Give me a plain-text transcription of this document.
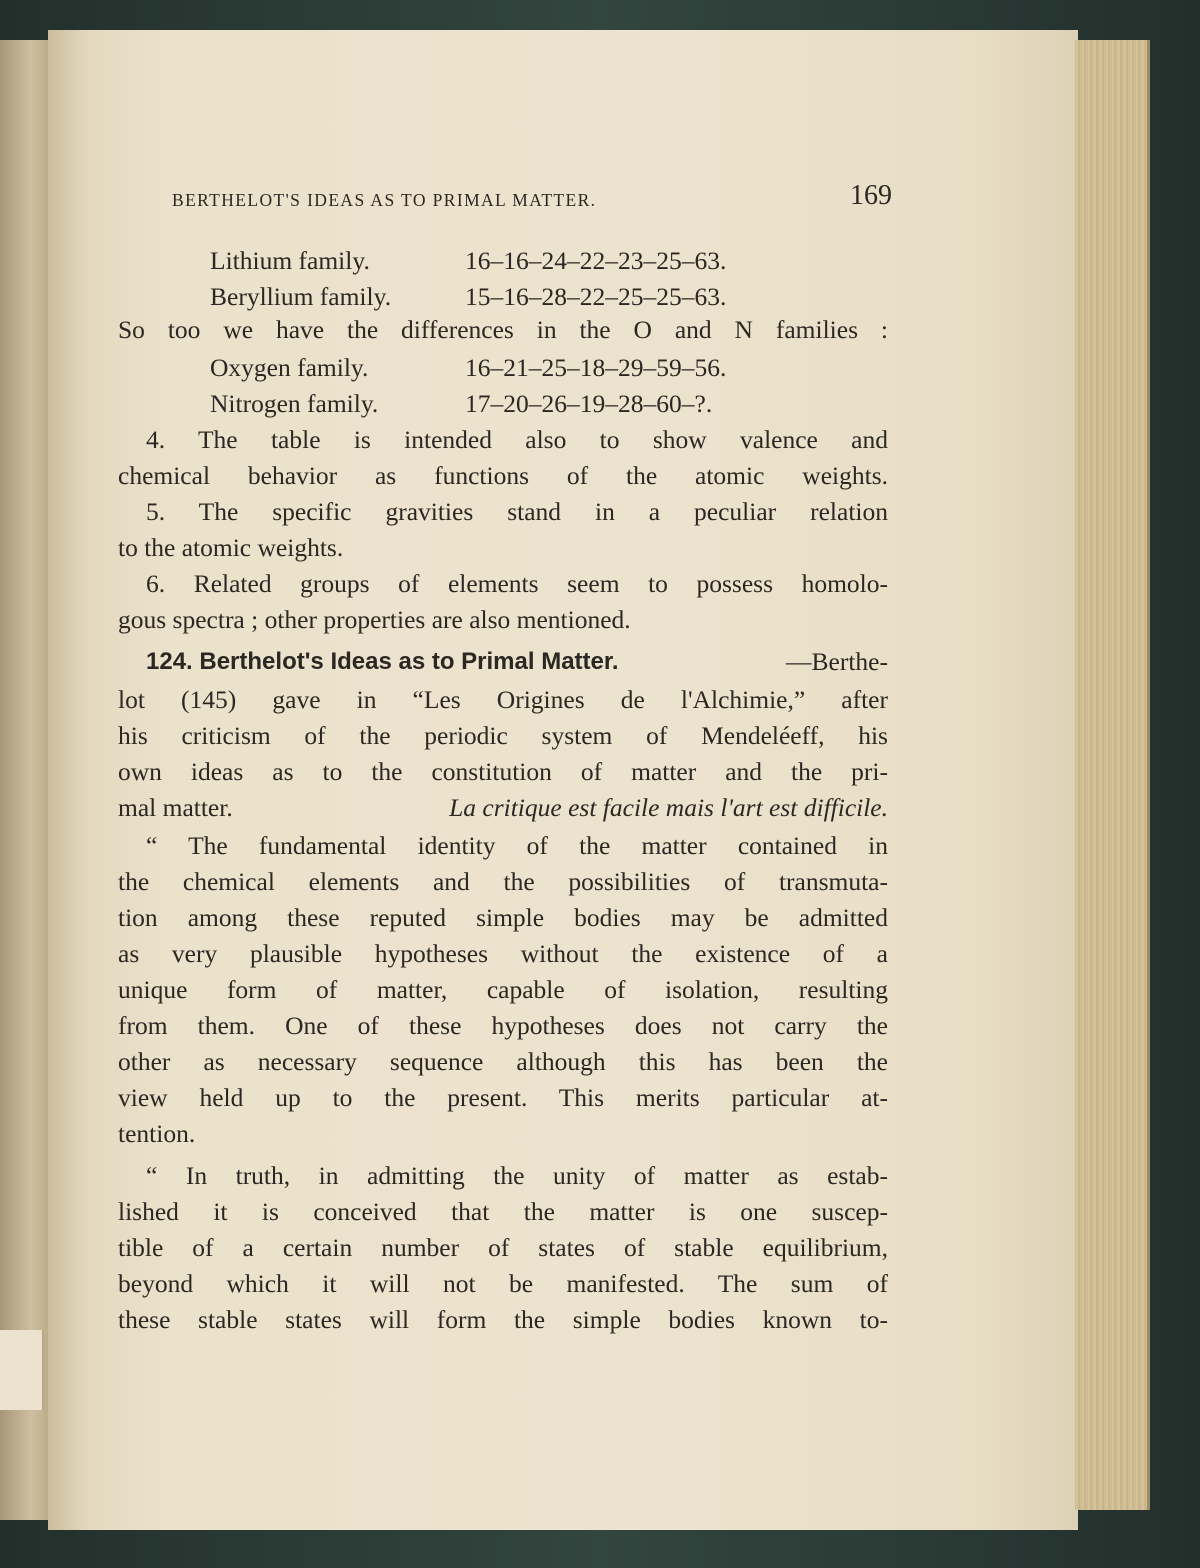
BERTHELOT'S IDEAS AS TO PRIMAL MATTER.	169
Lithium family.	16–16–24–22–23–25–63.
Beryllium family.	15–16–28–22–25–25–63.
So too we have the differences in the O and N families :
Oxygen family.	16–21–25–18–29–59–56.
Nitrogen family.	17–20–26–19–28–60–?.
4. The table is intended also to show valence and
chemical behavior as functions of the atomic weights.
5. The specific gravities stand in a peculiar relation
to the atomic weights.
6. Related groups of elements seem to possess homolo-
gous spectra ; other properties are also mentioned.
124. Berthelot's Ideas as to Primal Matter.	—Berthe-
lot (145) gave in “Les Origines de l'Alchimie,” after
his criticism of the periodic system of Mendeléeff, his
own ideas as to the constitution of matter and the pri-
mal matter.	La critique est facile mais l'art est difficile.
“ The fundamental identity of the matter contained in
the chemical elements and the possibilities of transmuta-
tion among these reputed simple bodies may be admitted
as very plausible hypotheses without the existence of a
unique form of matter, capable of isolation, resulting
from them. One of these hypotheses does not carry the
other as necessary sequence although this has been the
view held up to the present. This merits particular at-
tention.
“ In truth, in admitting the unity of matter as estab-
lished it is conceived that the matter is one suscep-
tible of a certain number of states of stable equilibrium,
beyond which it will not be manifested. The sum of
these stable states will form the simple bodies known to-
